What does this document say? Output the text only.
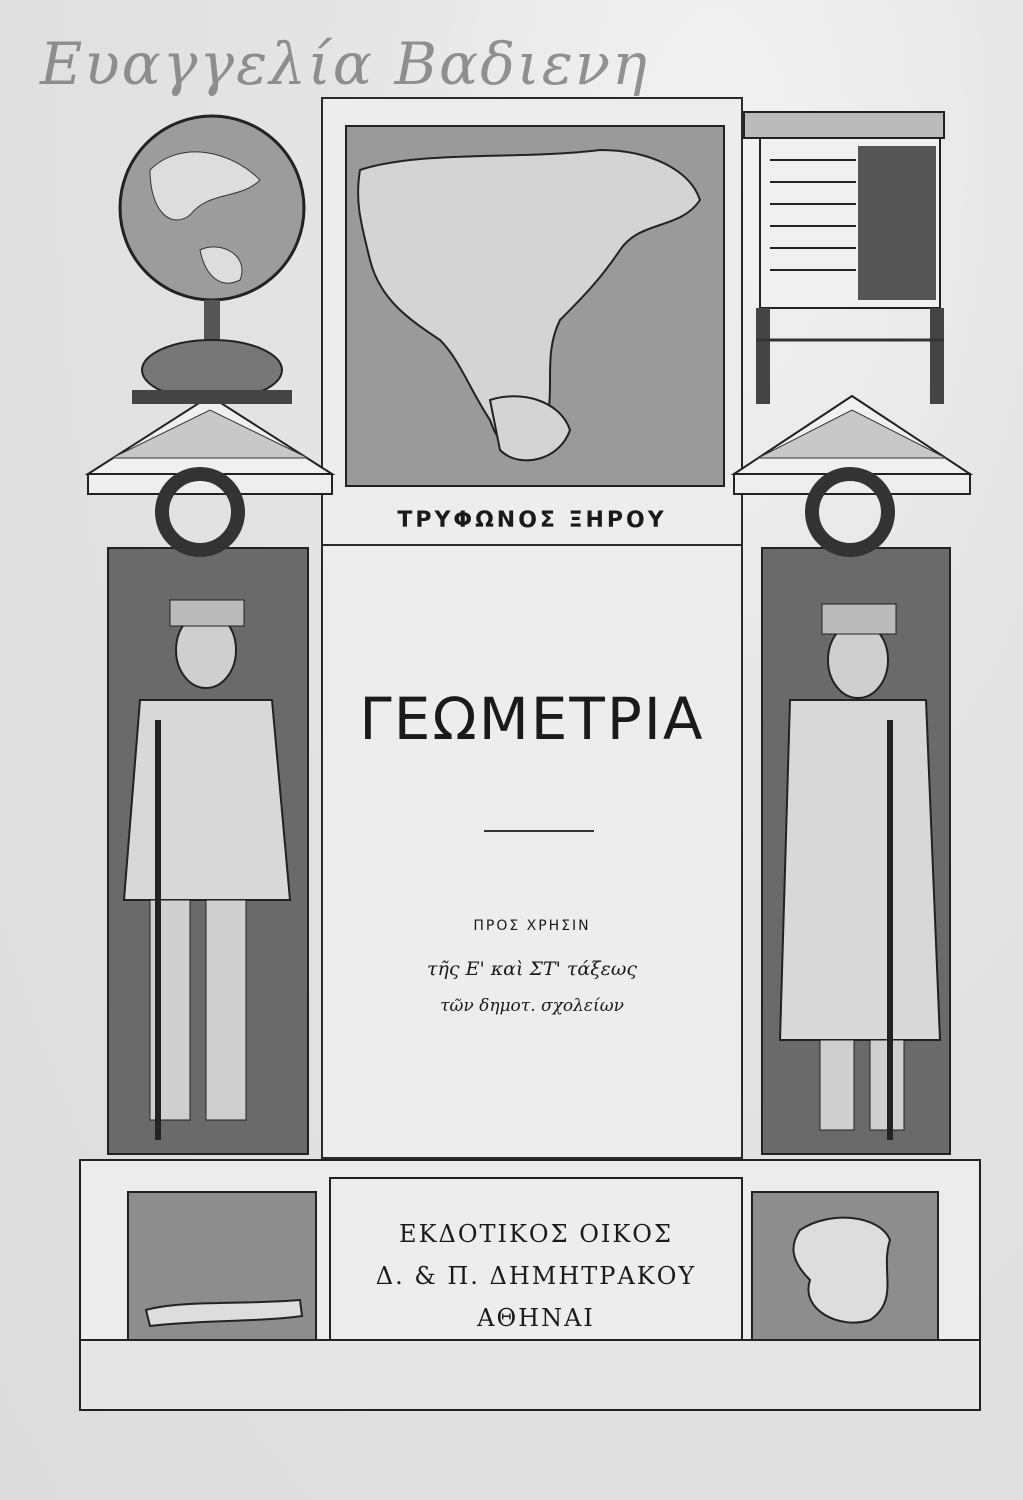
Ευαγγελία Βαδιενη
ΤΡΥΦΩΝΟΣ ΞΗΡΟΥ
ΓΕΩΜΕΤΡΙΑ
ΠΡΟΣ ΧΡΗΣΙΝ
τῆς Ε' καὶ ΣΤ' τάξεως
τῶν δημοτ. σχολείων
ΕΚΔΟΤΙΚΟΣ ΟΙΚΟΣ
Δ. & Π. ΔΗΜΗΤΡΑΚΟΥ
ΑΘΗΝΑΙ
